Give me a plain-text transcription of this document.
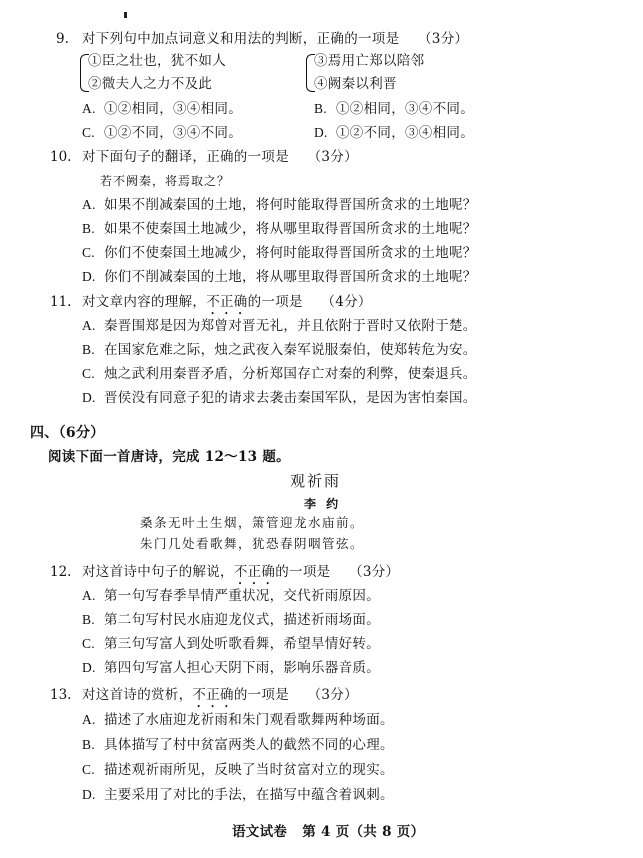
9. 对下列句中加点词意义和用法的判断，正确的一项是 （3分）
①臣之壮也，犹不如人
②微夫人之力不及此
③焉用亡郑以陪邻
④阙秦以利晋
A. ①②相同，③④相同。	B. ①②相同，③④不同。
C. ①②不同，③④不同。	D. ①②不同，③④相同。
10. 对下面句子的翻译，正确的一项是 （3分）
若不阙秦，将焉取之？
A. 如果不削减秦国的土地，将何时能取得晋国所贪求的土地呢？
B. 如果不使秦国土地减少，将从哪里取得晋国所贪求的土地呢？
C. 你们不使秦国土地减少，将何时能取得晋国所贪求的土地呢？
D. 你们不削减秦国的土地，将从哪里取得晋国所贪求的土地呢？
11. 对文章内容的理解，不正确的一项是 （4分）
A. 秦晋围郑是因为郑曾对晋无礼，并且依附于晋时又依附于楚。
B. 在国家危难之际，烛之武夜入秦军说服秦伯，使郑转危为安。
C. 烛之武利用秦晋矛盾，分析郑国存亡对秦的利弊，使秦退兵。
D. 晋侯没有同意子犯的请求去袭击秦国军队，是因为害怕秦国。
四、（6分）
阅读下面一首唐诗，完成 12～13 题。
观祈雨
李 约
桑条无叶土生烟，箫管迎龙水庙前。
朱门几处看歌舞，犹恐春阴咽管弦。
12. 对这首诗中句子的解说，不正确的一项是 （3分）
A. 第一句写春季旱情严重状况，交代祈雨原因。
B. 第二句写村民水庙迎龙仪式，描述祈雨场面。
C. 第三句写富人到处听歌看舞，希望旱情好转。
D. 第四句写富人担心天阴下雨，影响乐器音质。
13. 对这首诗的赏析，不正确的一项是 （3分）
A. 描述了水庙迎龙祈雨和朱门观看歌舞两种场面。
B. 具体描写了村中贫富两类人的截然不同的心理。
C. 描述观祈雨所见，反映了当时贫富对立的现实。
D. 主要采用了对比的手法，在描写中蕴含着讽刺。
语文试卷   第 4 页（共 8 页）
